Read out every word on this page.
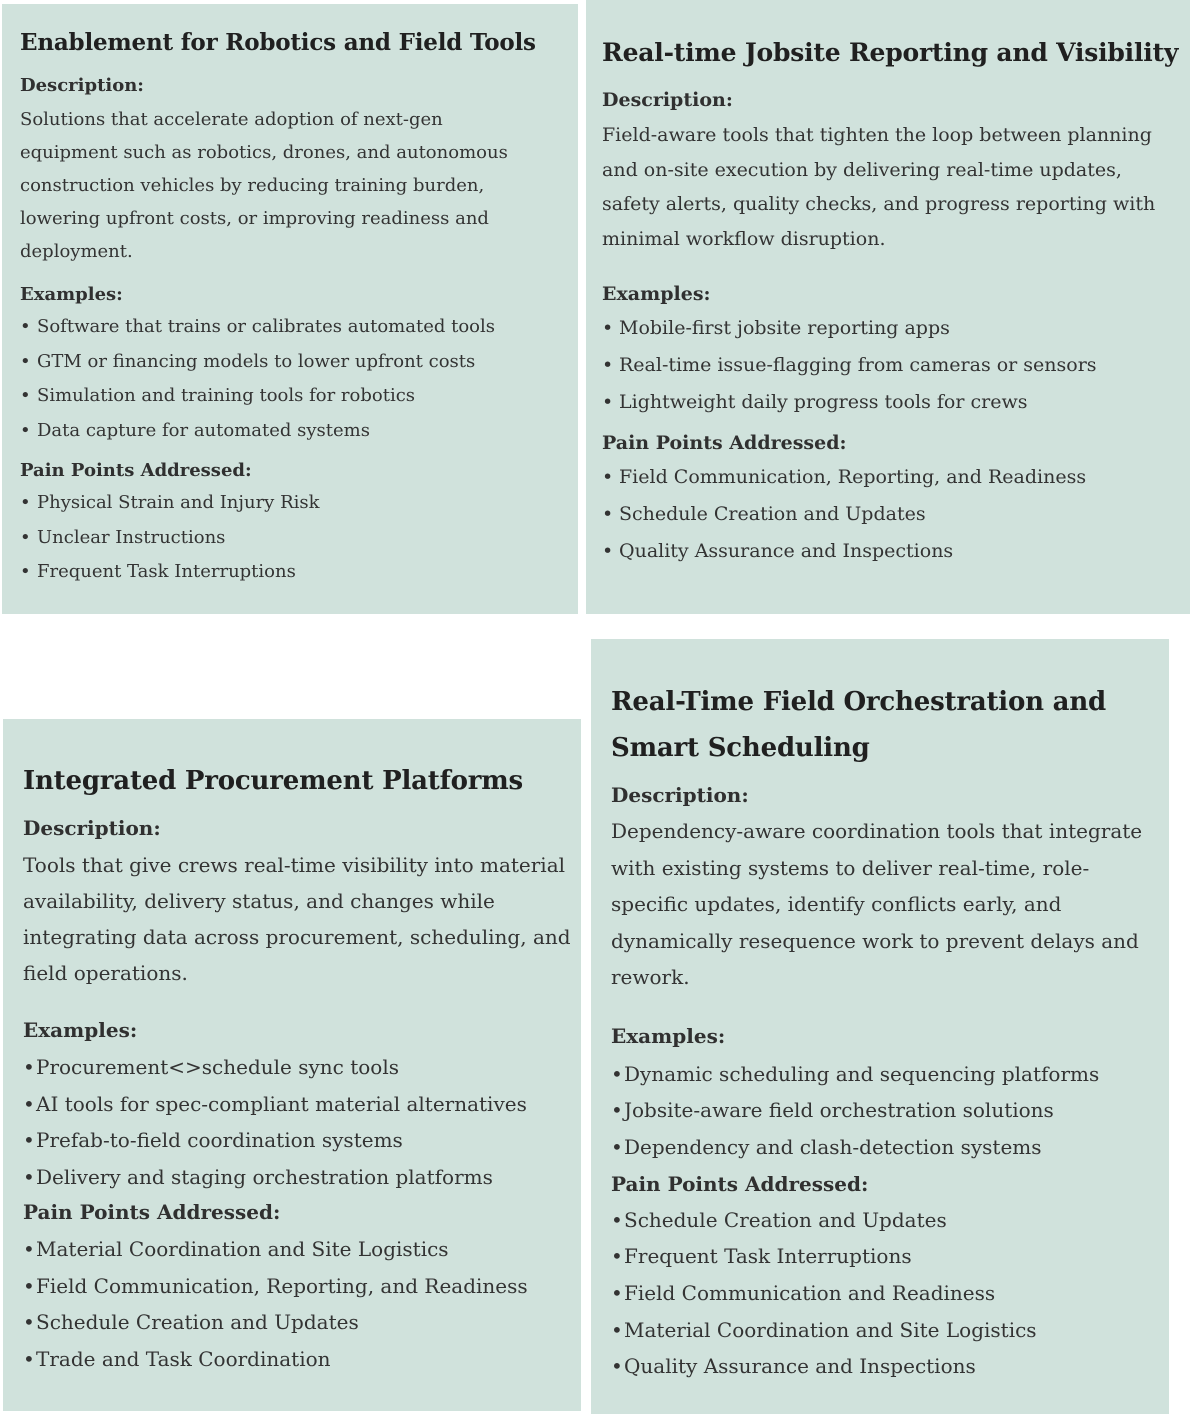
Enablement for Robotics and Field Tools
Description:

Solutions that accelerate adoption of next-gen equipment such as robotics, drones, and autonomous construction vehicles by reducing training burden, lowering upfront costs, or improving readiness and deployment.

Examples:
• Software that trains or calibrates automated tools
• GTM or financing models to lower upfront costs
• Simulation and training tools for robotics
• Data capture for automated systems
Pain Points Addressed:
• Physical Strain and Injury Risk
• Unclear Instructions
• Frequent Task Interruptions
Real-time Jobsite Reporting and Visibility
Description:

Field-aware tools that tighten the loop between planning and on-site execution by delivering real-time updates, safety alerts, quality checks, and progress reporting with minimal workflow disruption.

Examples:
• Mobile-first jobsite reporting apps
• Real-time issue-flagging from cameras or sensors
• Lightweight daily progress tools for crews
Pain Points Addressed:
• Field Communication, Reporting, and Readiness
• Schedule Creation and Updates
• Quality Assurance and Inspections
Integrated Procurement Platforms
Description:

Tools that give crews real-time visibility into material availability, delivery status, and changes while integrating data across procurement, scheduling, and field operations.

Examples:
• Procurement<>schedule sync tools
• AI tools for spec-compliant material alternatives
• Prefab-to-field coordination systems
• Delivery and staging orchestration platforms
Pain Points Addressed:
• Material Coordination and Site Logistics
• Field Communication, Reporting, and Readiness
• Schedule Creation and Updates
• Trade and Task Coordination
Real-Time Field Orchestration and Smart Scheduling
Description:

Dependency-aware coordination tools that integrate with existing systems to deliver real-time, role-specific updates, identify conflicts early, and dynamically resequence work to prevent delays and rework.

Examples:
• Dynamic scheduling and sequencing platforms
• Jobsite-aware field orchestration solutions
• Dependency and clash-detection systems
Pain Points Addressed:
• Schedule Creation and Updates
• Frequent Task Interruptions
• Field Communication and Readiness
• Material Coordination and Site Logistics
• Quality Assurance and Inspections
